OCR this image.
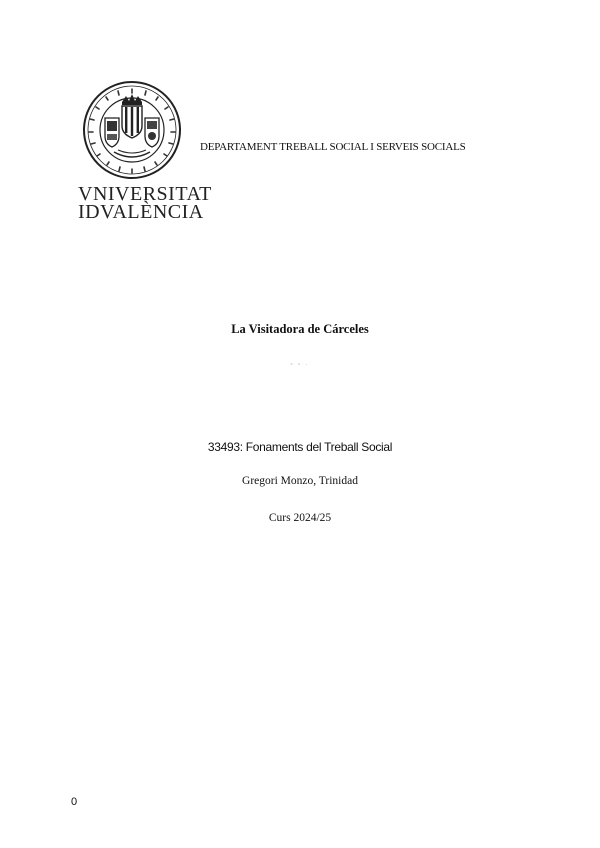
VNIVERSITAT
IDVALÈNCIA
DEPARTAMENT TREBALL SOCIAL I SERVEIS SOCIALS
La Visitadora de Cárceles
˜ ˜ ˙
33493: Fonaments del Treball Social
Gregori Monzo, Trinidad
Curs 2024/25
0
